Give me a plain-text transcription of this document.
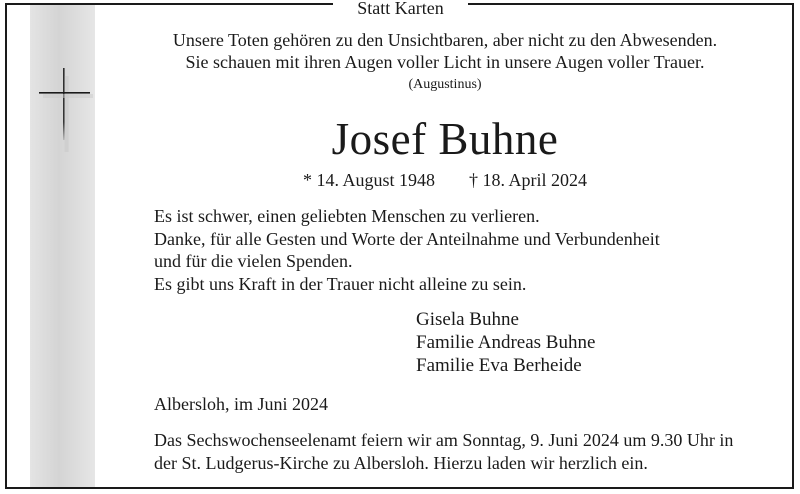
Statt Karten
Unsere Toten gehören zu den Unsichtbaren, aber nicht zu den Abwesenden.
Sie schauen mit ihren Augen voller Licht in unsere Augen voller Trauer.
(Augustinus)
Josef Buhne
* 14. August 1948 † 18. April 2024
Es ist schwer, einen geliebten Menschen zu verlieren.
Danke, für alle Gesten und Worte der Anteilnahme und Verbundenheit
und für die vielen Spenden.
Es gibt uns Kraft in der Trauer nicht alleine zu sein.
Gisela Buhne
Familie Andreas Buhne
Familie Eva Berheide
Albersloh, im Juni 2024
Das Sechswochenseelenamt feiern wir am Sonntag, 9. Juni 2024 um 9.30 Uhr in
der St. Ludgerus-Kirche zu Albersloh. Hierzu laden wir herzlich ein.
